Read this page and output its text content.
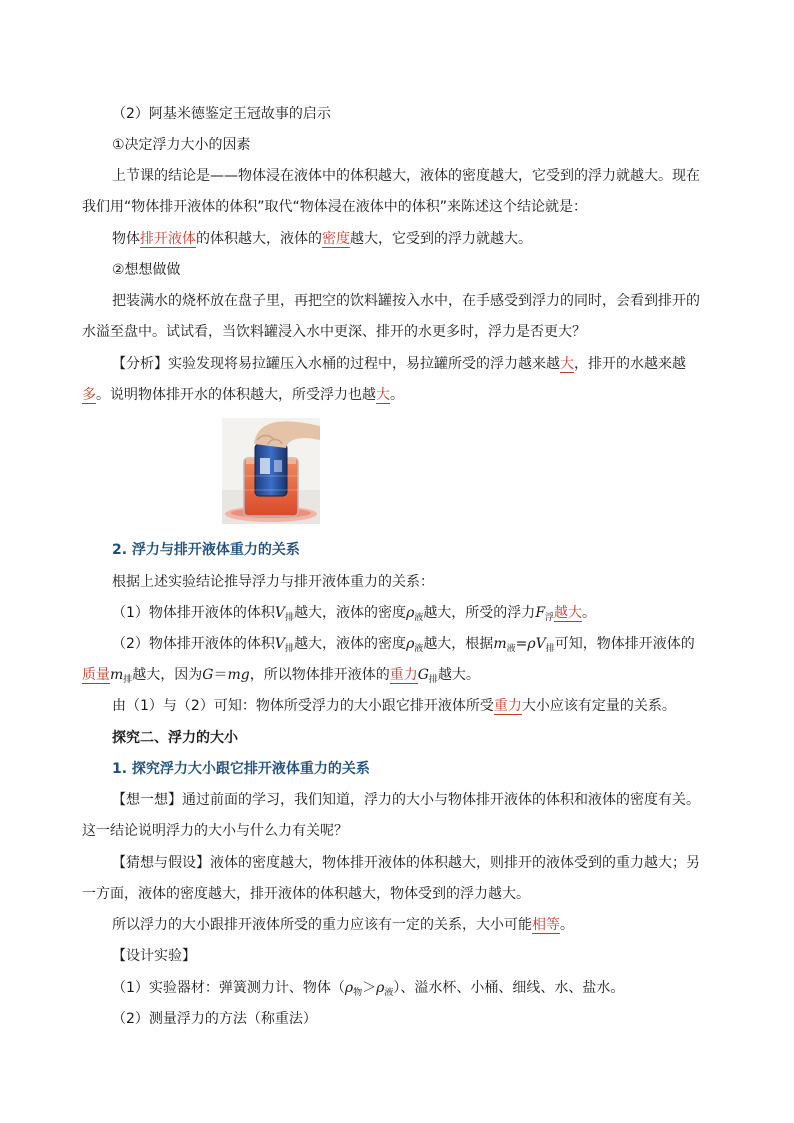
（2）阿基米德鉴定王冠故事的启示
①决定浮力大小的因素
上节课的结论是——物体浸在液体中的体积越大，液体的密度越大，它受到的浮力就越大。现在
我们用“物体排开液体的体积”取代“物体浸在液体中的体积”来陈述这个结论就是：
物体排开液体的体积越大，液体的密度越大，它受到的浮力就越大。
②想想做做
把装满水的烧杯放在盘子里，再把空的饮料罐按入水中，在手感受到浮力的同时，会看到排开的
水溢至盘中。试试看，当饮料罐浸入水中更深、排开的水更多时，浮力是否更大？
【分析】实验发现将易拉罐压入水桶的过程中，易拉罐所受的浮力越来越大，排开的水越来越
多。说明物体排开水的体积越大，所受浮力也越大。
2. 浮力与排开液体重力的关系
根据上述实验结论推导浮力与排开液体重力的关系：
（1）物体排开液体的体积$V_排$越大，液体的密度$\rho_液$越大，所受的浮力$F_浮$越大。
（2）物体排开液体的体积$V_排$越大，液体的密度$\rho_液$越大，根据$m_液=\rho V_排$可知，物体排开液体的
质量$m_排$越大，因为G＝mg，所以物体排开液体的重力$G_排$越大。
由（1）与（2）可知：物体所受浮力的大小跟它排开液体所受重力大小应该有定量的关系。
探究二、浮力的大小
1. 探究浮力大小跟它排开液体重力的关系
【想一想】通过前面的学习，我们知道，浮力的大小与物体排开液体的体积和液体的密度有关。
这一结论说明浮力的大小与什么力有关呢？
【猜想与假设】液体的密度越大，物体排开液体的体积越大，则排开的液体受到的重力越大；另
一方面，液体的密度越大，排开液体的体积越大，物体受到的浮力越大。
所以浮力的大小跟排开液体所受的重力应该有一定的关系，大小可能相等。
【设计实验】
（1）实验器材：弹簧测力计、物体$(\rho_物>\rho_液)$、溢水杯、小桶、细线、水、盐水。
（2）测量浮力的方法（称重法）
